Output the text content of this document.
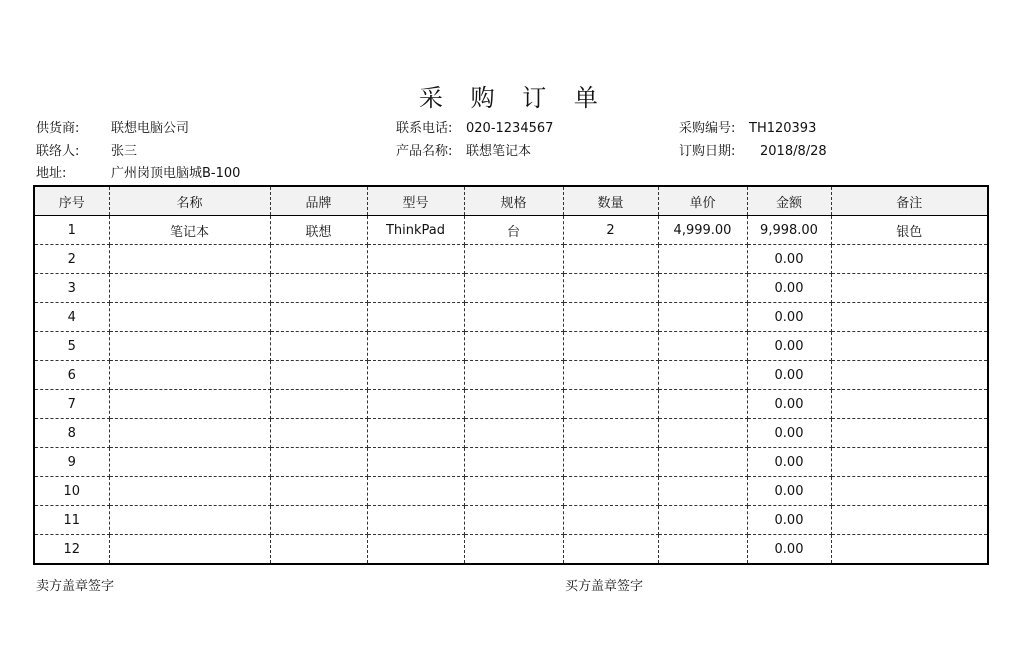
采 购 订 单
供货商: 联想电脑公司	联系电话: 020-1234567	采购编号: TH120393
联络人: 张三	产品名称: 联想笔记本	订购日期: 2018/8/28
地址:	广州岗顶电脑城B-100
序号	名称	品牌	型号	规格	数量	单价	金额	备注
1	笔记本	联想	ThinkPad	台	2	4,999.00	9,998.00	银色
2							0.00	
3							0.00	
4							0.00	
5							0.00	
6							0.00	
7							0.00	
8							0.00	
9							0.00	
10							0.00	
11							0.00	
12							0.00	
卖方盖章签字	买方盖章签字
